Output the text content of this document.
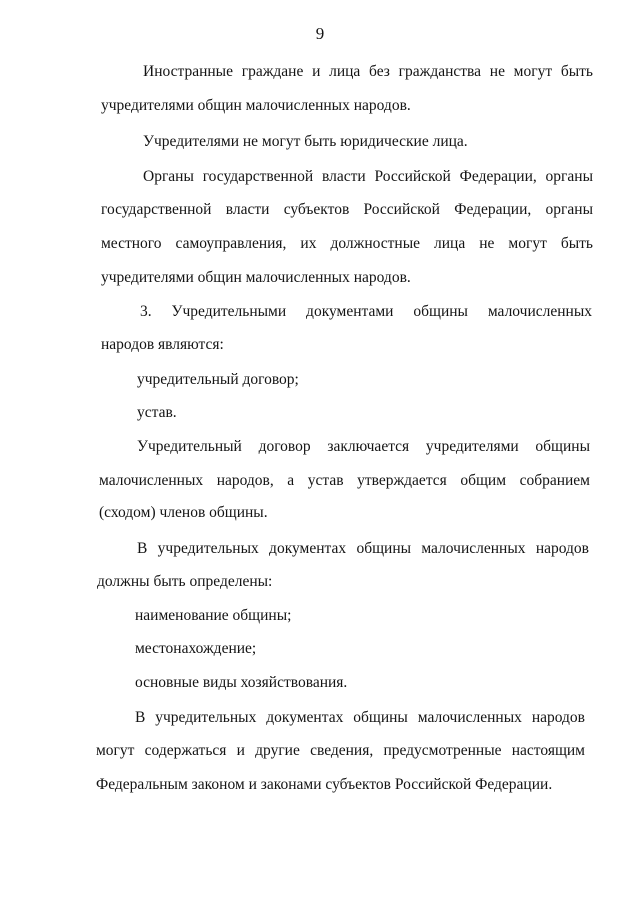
9
Иностранные граждане и лица без гражданства не могут быть
учредителями общин малочисленных народов.
Учредителями не могут быть юридические лица.
Органы государственной власти Российской Федерации, органы
государственной власти субъектов Российской Федерации, органы
местного самоуправления, их должностные лица не могут быть
учредителями общин малочисленных народов.
3. Учредительными документами общины малочисленных
народов являются:
учредительный договор;
устав.
Учредительный договор заключается учредителями общины
малочисленных народов, а устав утверждается общим собранием
(сходом) членов общины.
В учредительных документах общины малочисленных народов
должны быть определены:
наименование общины;
местонахождение;
основные виды хозяйствования.
В учредительных документах общины малочисленных народов
могут содержаться и другие сведения, предусмотренные настоящим
Федеральным законом и законами субъектов Российской Федерации.
